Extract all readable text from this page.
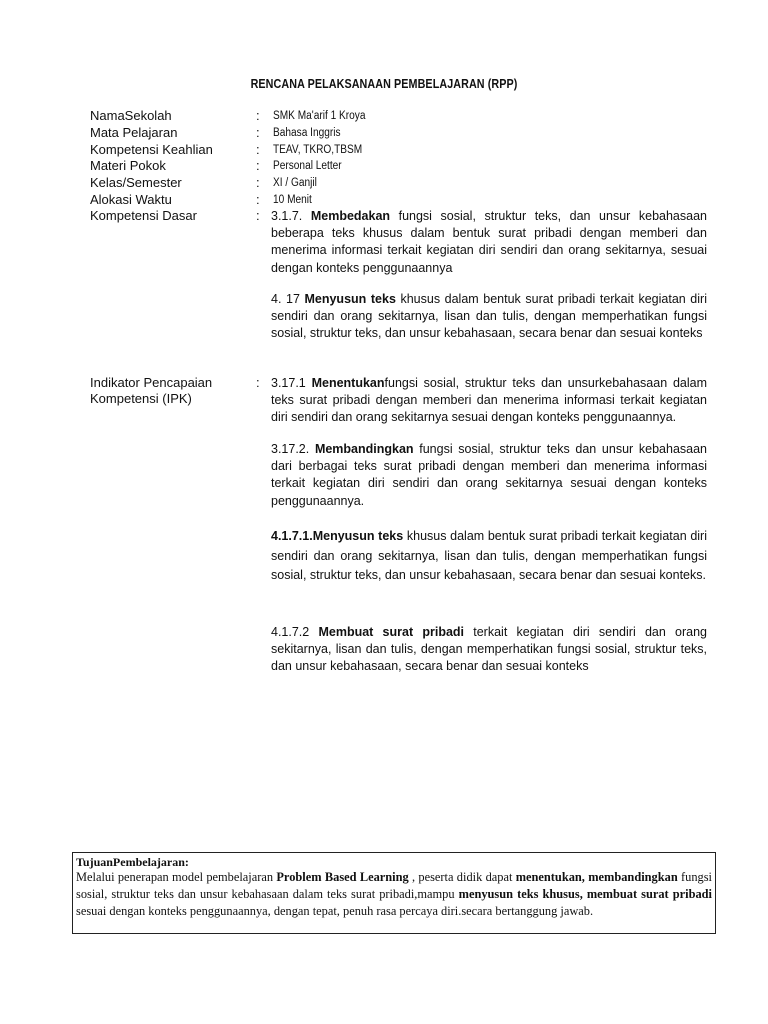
RENCANA PELAKSANAAN PEMBELAJARAN (RPP)
NamaSekolah	: SMK Ma'arif 1 Kroya
Mata Pelajaran	: Bahasa Inggris
Kompetensi Keahlian	: TEAV, TKRO,TBSM
Materi Pokok	: Personal Letter
Kelas/Semester	: XI / Ganjil
Alokasi Waktu	: 10 Menit
Kompetensi Dasar	: 3.1.7. Membedakan fungsi sosial, struktur teks, dan unsur kebahasaan beberapa teks khusus dalam bentuk surat pribadi dengan memberi dan menerima informasi terkait kegiatan diri sendiri dan orang sekitarnya, sesuai dengan konteks penggunaannya
4. 17 Menyusun teks khusus dalam bentuk surat pribadi terkait kegiatan diri sendiri dan orang sekitarnya, lisan dan tulis, dengan memperhatikan fungsi sosial, struktur teks, dan unsur kebahasaan, secara benar dan sesuai konteks
Indikator Pencapaian
Kompetensi (IPK)
: 3.17.1 Menentukanfungsi sosial, struktur teks dan unsurkebahasaan dalam teks surat pribadi dengan memberi dan menerima informasi terkait kegiatan diri sendiri dan orang sekitarnya sesuai dengan konteks penggunaannya.
3.17.2. Membandingkan fungsi sosial, struktur teks dan unsur kebahasaan dari berbagai teks surat pribadi dengan memberi dan menerima informasi terkait kegiatan diri sendiri dan orang sekitarnya sesuai dengan konteks penggunaannya.
4.1.7.1.Menyusun teks khusus dalam bentuk surat pribadi terkait kegiatan diri sendiri dan orang sekitarnya, lisan dan tulis, dengan memperhatikan fungsi sosial, struktur teks, dan unsur kebahasaan, secara benar dan sesuai konteks.
4.1.7.2 Membuat surat pribadi terkait kegiatan diri sendiri dan orang sekitarnya, lisan dan tulis, dengan memperhatikan fungsi sosial, struktur teks, dan unsur kebahasaan, secara benar dan sesuai konteks
TujuanPembelajaran:
Melalui penerapan model pembelajaran Problem Based Learning , peserta didik dapat menentukan, membandingkan fungsi sosial, struktur teks dan unsur kebahasaan dalam teks surat pribadi,mampu menyusun teks khusus, membuat surat pribadi sesuai dengan konteks penggunaannya, dengan tepat, penuh rasa percaya diri.secara bertanggung jawab.
